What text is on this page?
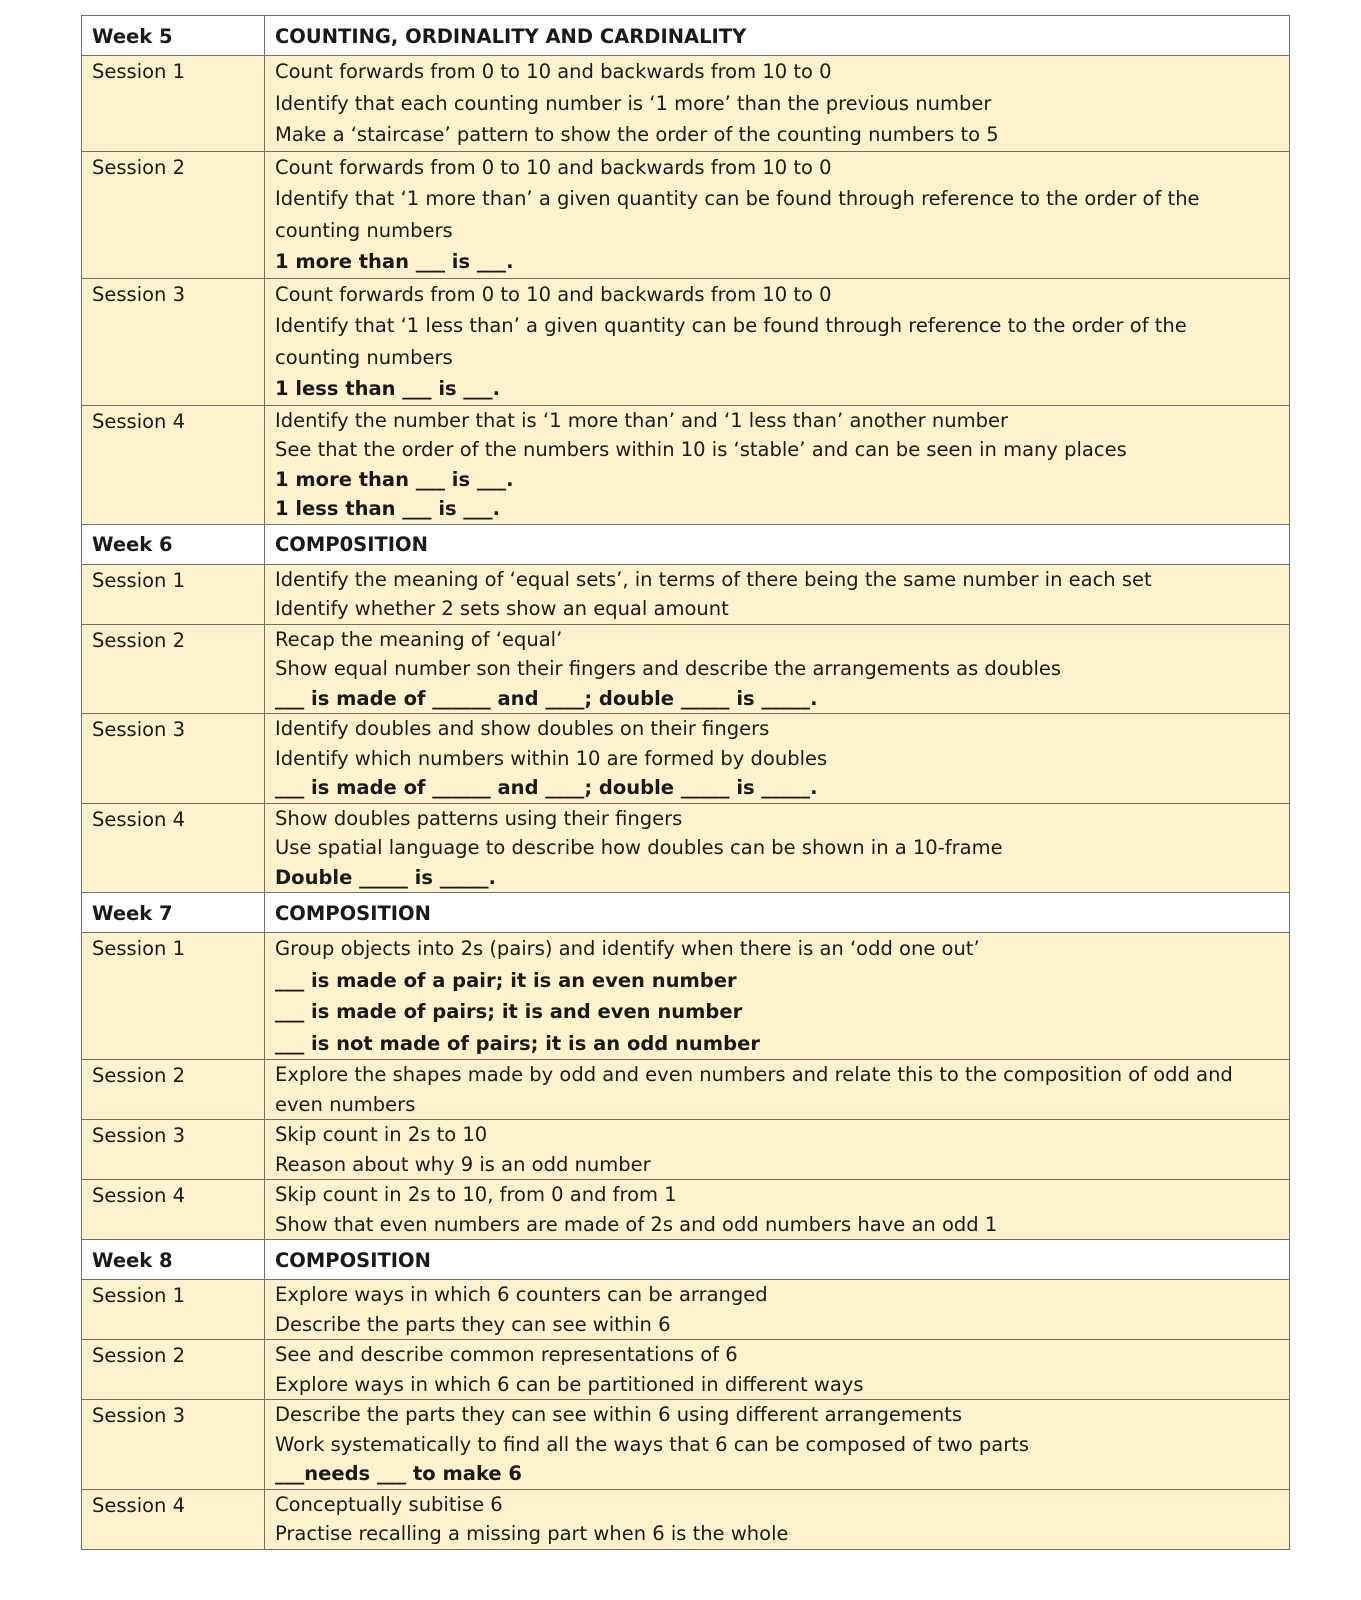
Week 5	COUNTING, ORDINALITY AND CARDINALITY
Session 1	Count forwards from 0 to 10 and backwards from 10 to 0
Identify that each counting number is ‘1 more’ than the previous number
Make a ‘staircase’ pattern to show the order of the counting numbers to 5

Session 2	Count forwards from 0 to 10 and backwards from 10 to 0
Identify that ‘1 more than’ a given quantity can be found through reference to the order of the
counting numbers
1 more than ___ is ___.

Session 3	Count forwards from 0 to 10 and backwards from 10 to 0
Identify that ‘1 less than’ a given quantity can be found through reference to the order of the
counting numbers
1 less than ___ is ___.

Session 4	Identify the number that is ‘1 more than’ and ‘1 less than’ another number
See that the order of the numbers within 10 is ‘stable’ and can be seen in many places
1 more than ___ is ___.
1 less than ___ is ___.

Week 6	COMP0SITION
Session 1	Identify the meaning of ‘equal sets’, in terms of there being the same number in each set
Identify whether 2 sets show an equal amount

Session 2	Recap the meaning of ‘equal’
Show equal number son their fingers and describe the arrangements as doubles
___ is made of ______ and ____; double _____ is _____.

Session 3	Identify doubles and show doubles on their fingers
Identify which numbers within 10 are formed by doubles
___ is made of ______ and ____; double _____ is _____.

Session 4	Show doubles patterns using their fingers
Use spatial language to describe how doubles can be shown in a 10-frame
Double _____ is _____.

Week 7	COMPOSITION
Session 1	Group objects into 2s (pairs) and identify when there is an ‘odd one out’
___ is made of a pair; it is an even number
___ is made of pairs; it is and even number
___ is not made of pairs; it is an odd number

Session 2	Explore the shapes made by odd and even numbers and relate this to the composition of odd and
even numbers

Session 3	Skip count in 2s to 10
Reason about why 9 is an odd number

Session 4	Skip count in 2s to 10, from 0 and from 1
Show that even numbers are made of 2s and odd numbers have an odd 1

Week 8	COMPOSITION
Session 1	Explore ways in which 6 counters can be arranged
Describe the parts they can see within 6

Session 2	See and describe common representations of 6
Explore ways in which 6 can be partitioned in different ways

Session 3	Describe the parts they can see within 6 using different arrangements
Work systematically to find all the ways that 6 can be composed of two parts
___needs ___ to make 6

Session 4	Conceptually subitise 6
Practise recalling a missing part when 6 is the whole
